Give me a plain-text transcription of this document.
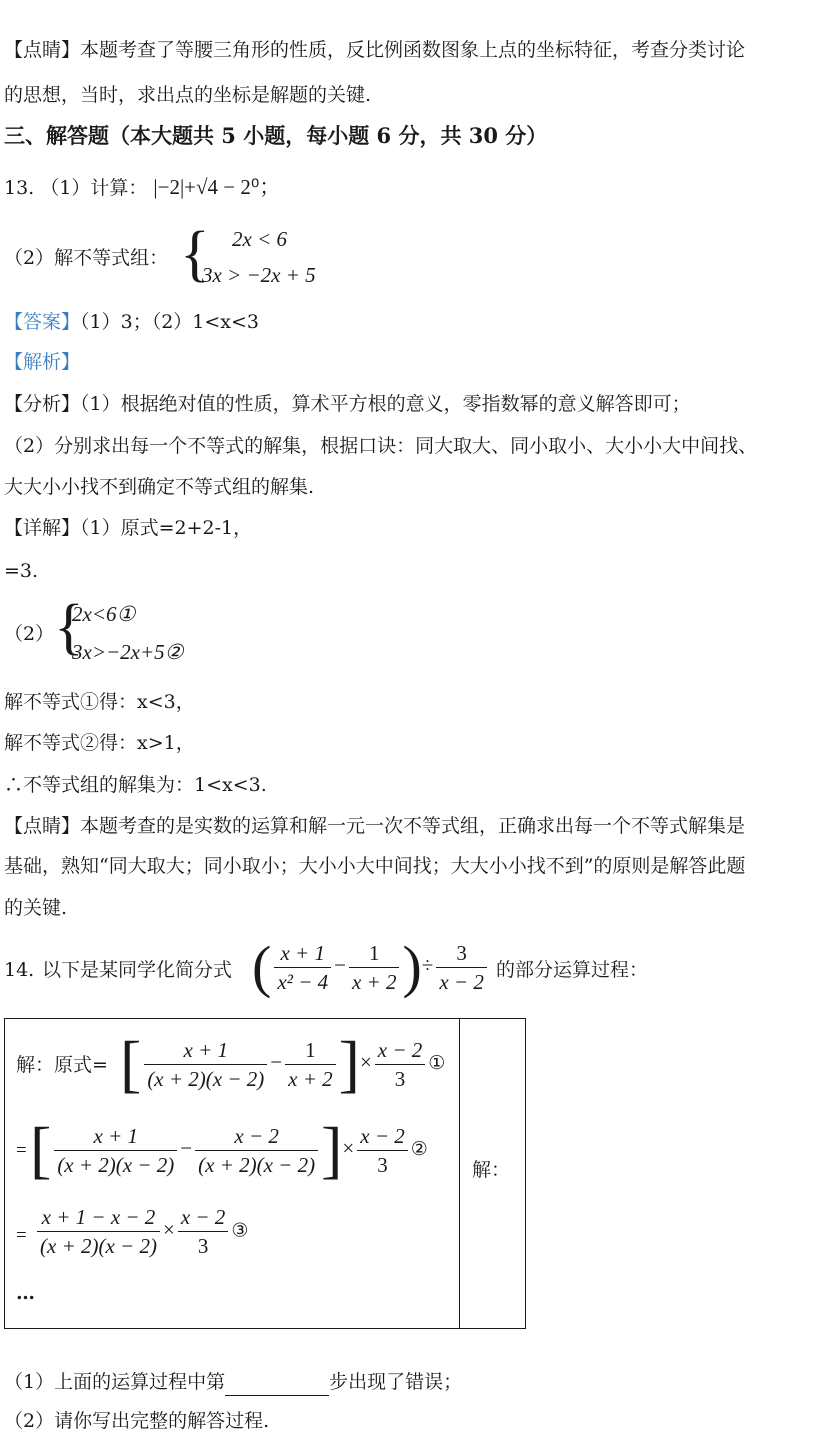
【点睛】本题考查了等腰三角形的性质，反比例函数图象上点的坐标特征，考查分类讨论
的思想，当时，求出点的坐标是解题的关键.
三、解答题（本大题共 5 小题，每小题 6 分，共 30 分）
13. （1）计算： |−2|+√4 − 2⁰；
（2）解不等式组： { 2x < 6
3x > −2x + 5
【答案】（1）3；（2）1<x<3
【解析】
【分析】（1）根据绝对值的性质，算术平方根的意义，零指数幂的意义解答即可；
（2）分别求出每一个不等式的解集，根据口诀：同大取大、同小取小、大小小大中间找、
大大小小找不到确定不等式组的解集.
【详解】（1）原式=2+2-1，
=3.
（2） {
2x<6①
3x>−2x+5②
解不等式①得：x<3，
解不等式②得：x>1，
∴不等式组的解集为：1<x<3.
【点睛】本题考查的是实数的运算和解一元一次不等式组，正确求出每一个不等式解集是
基础，熟知“同大取大；同小取小；大小小大中间找；大大小小找不到”的原则是解答此题
的关键.
14. 以下是某同学化简分式 ( $\frac{x + 1}{\text{x² − 4}} - \frac{1}{x + 2}$ )÷ $\frac{3}{x - 2}$ 的部分运算过程：
解：原式= [ $\frac{x + 1}{(x + 2)(x - 2)} - \frac{1}{x + 2}$ ]× $\frac{x - 2}{3}$ ①
= [ $\frac{x + 1}{(x + 2)(x - 2)} - \frac{x - 2}{(x + 2)(x - 2)}$ ]× $\frac{x - 2}{3}$ ②
= $\frac{x + 1 - x - 2}{(x + 2)(x - 2)} \times \frac{x - 2}{3}$ ③
…
解：
（1）上面的运算过程中第	步出现了错误；
（2）请你写出完整的解答过程.
